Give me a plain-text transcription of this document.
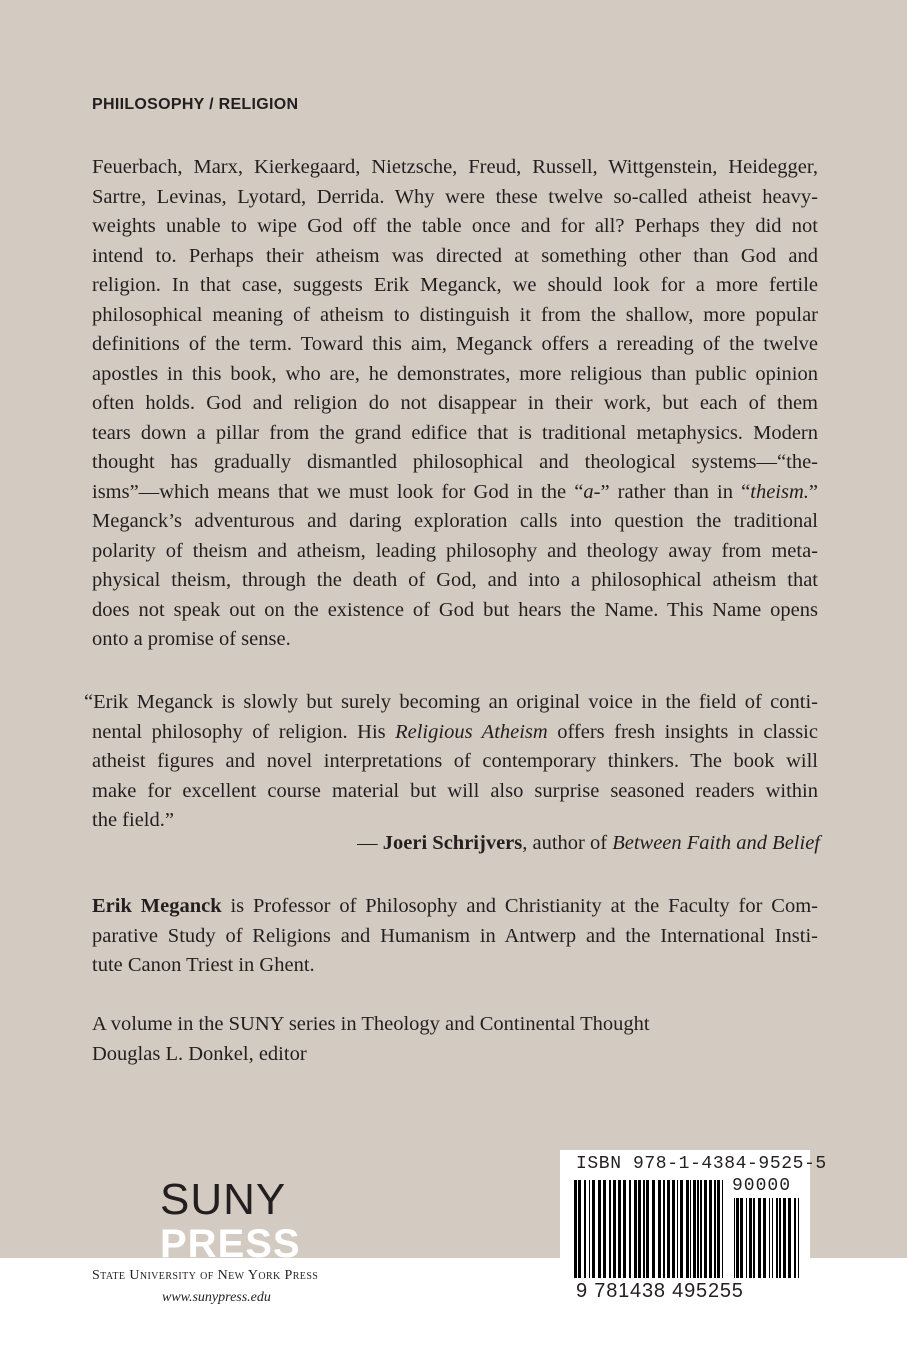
PHIILOSOPHY / RELIGION
Feuerbach, Marx, Kierkegaard, Nietzsche, Freud, Russell, Wittgenstein, Heidegger,
Sartre, Levinas, Lyotard, Derrida. Why were these twelve so-called atheist heavy-
weights unable to wipe God off the table once and for all? Perhaps they did not
intend to. Perhaps their atheism was directed at something other than God and
religion. In that case, suggests Erik Meganck, we should look for a more fertile
philosophical meaning of atheism to distinguish it from the shallow, more popular
definitions of the term. Toward this aim, Meganck offers a rereading of the twelve
apostles in this book, who are, he demonstrates, more religious than public opinion
often holds. God and religion do not disappear in their work, but each of them
tears down a pillar from the grand edifice that is traditional metaphysics. Modern
thought has gradually dismantled philosophical and theological systems—“the-
isms”—which means that we must look for God in the “a-” rather than in “theism.”
Meganck’s adventurous and daring exploration calls into question the traditional
polarity of theism and atheism, leading philosophy and theology away from meta-
physical theism, through the death of God, and into a philosophical atheism that
does not speak out on the existence of God but hears the Name. This Name opens
onto a promise of sense.
“Erik Meganck is slowly but surely becoming an original voice in the field of conti-
nental philosophy of religion. His Religious Atheism offers fresh insights in classic
atheist figures and novel interpretations of contemporary thinkers. The book will
make for excellent course material but will also surprise seasoned readers within
the field.”
— Joeri Schrijvers, author of Between Faith and Belief
Erik Meganck is Professor of Philosophy and Christianity at the Faculty for Com-
parative Study of Religions and Humanism in Antwerp and the International Insti-
tute Canon Triest in Ghent.
A volume in the SUNY series in Theology and Continental Thought
Douglas L. Donkel, editor
SUNY
PRESS
State University of New York Press
www.sunypress.edu
ISBN 978-1-4384-9525-5
90000
9 781438 495255
